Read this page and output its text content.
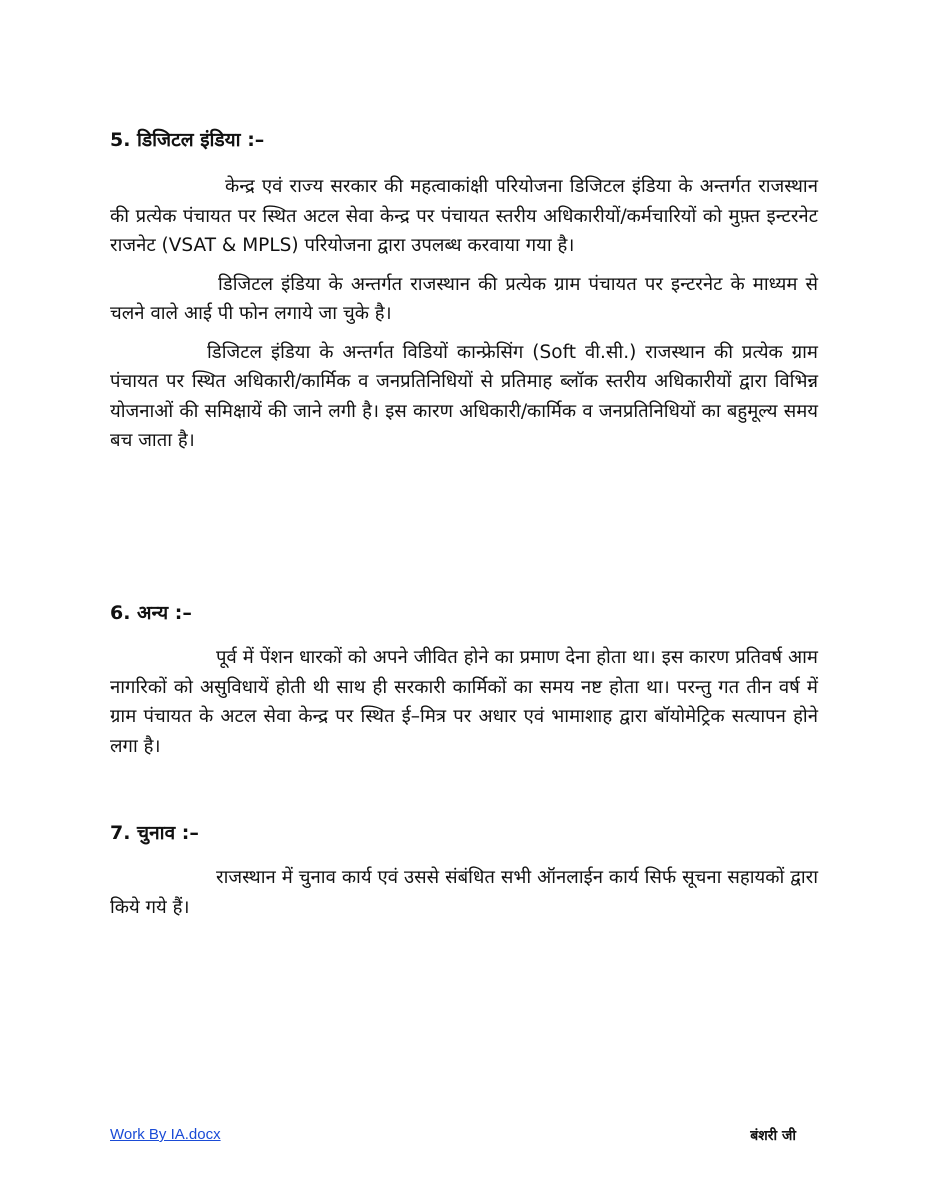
5. डिजिटल इंडिया :–

केन्द्र एवं राज्य सरकार की महत्वाकांक्षी परियोजना डिजिटल इंडिया के अन्तर्गत राजस्थान की प्रत्येक पंचायत पर स्थित अटल सेवा केन्द्र पर पंचायत स्तरीय अधिकारीयों/कर्मचारियों को मुफ़्त इन्टरनेट राजनेट (VSAT & MPLS) परियोजना द्वारा उपलब्ध करवाया गया है।

डिजिटल इंडिया के अन्तर्गत राजस्थान की प्रत्येक ग्राम पंचायत पर इन्टरनेट के माध्यम से चलने वाले आई पी फोन लगाये जा चुके है।

डिजिटल इंडिया के अन्तर्गत विडियों कान्फ्रेसिंग (Soft वी.सी.) राजस्थान की प्रत्येक ग्राम पंचायत पर स्थित अधिकारी/कार्मिक व जनप्रतिनिधियों से प्रतिमाह ब्लॉक स्तरीय अधिकारीयों द्वारा विभिन्न योजनाओं की समिक्षायें की जाने लगी है। इस कारण अधिकारी/कार्मिक व जनप्रतिनिधियों का बहुमूल्य समय बच जाता है।

6. अन्य :–

पूर्व में पेंशन धारकों को अपने जीवित होने का प्रमाण देना होता था। इस कारण प्रतिवर्ष आम नागरिकों को असुविधायें होती थी साथ ही सरकारी कार्मिकों का समय नष्ट होता था। परन्तु गत तीन वर्ष में ग्राम पंचायत के अटल सेवा केन्द्र पर स्थित ई–मित्र पर अधार एवं भामाशाह द्वारा बॉयोमेट्रिक सत्यापन होने लगा है।

7. चुनाव :–

राजस्थान में चुनाव कार्य एवं उससे संबंधित सभी ऑनलाईन कार्य सिर्फ सूचना सहायकों द्वारा किये गये हैं।

Work By IA.docx	बंशरी जी
